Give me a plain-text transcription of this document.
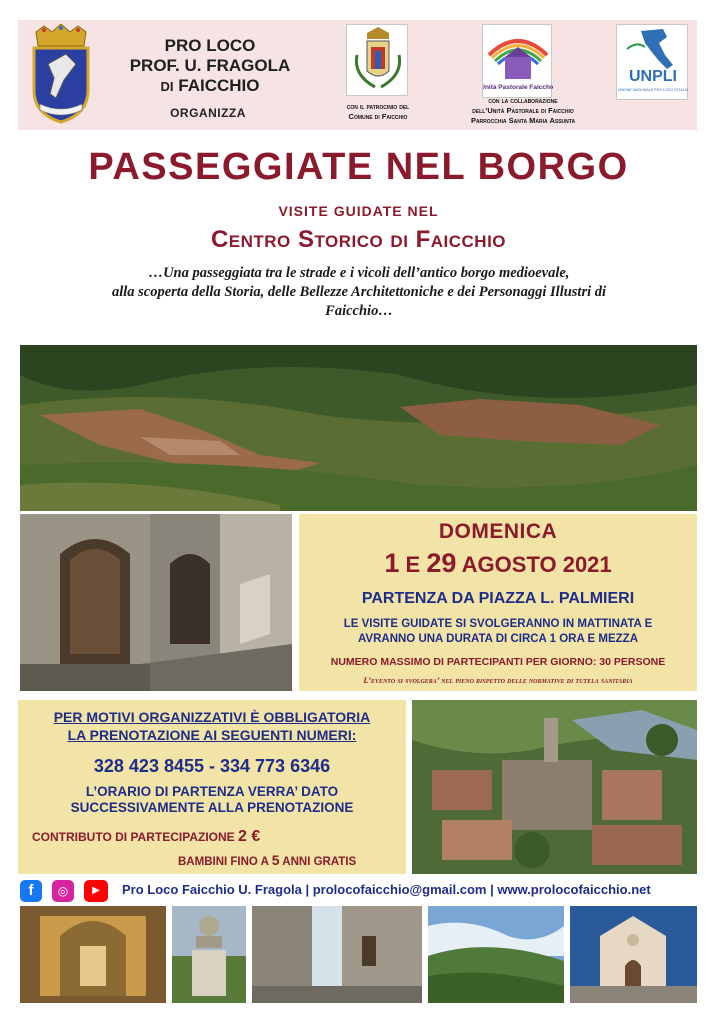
PRO LOCO
PROF. U. FRAGOLA
DI FAICCHIO
ORGANIZZA
Unità Pastorale Faicchio
UNPLI
UNIONE NAZIONALE PRO LOCO D'ITALIA
con il patrocinio del
Comune di Faicchio
con la collaborazione
dell’Unità Pastorale di Faicchio
Parrocchia Santa Maria Assunta
PASSEGGIATE NEL BORGO
VISITE GUIDATE NEL
Centro Storico di Faicchio
…Una passeggiata tra le strade e i vicoli dell’antico borgo medioevale,
alla scoperta della Storia, delle Bellezze Architettoniche e dei Personaggi Illustri di
Faicchio…
DOMENICA
1 E 29 AGOSTO 2021
PARTENZA DA PIAZZA L. PALMIERI
LE VISITE GUIDATE SI SVOLGERANNO IN MATTINATA E
AVRANNO UNA DURATA DI CIRCA 1 ORA E MEZZA
NUMERO MASSIMO DI PARTECIPANTI PER GIORNO: 30 PERSONE
L’evento si svolgera’ nel pieno rispetto delle normative di tutela sanitaria
PER MOTIVI ORGANIZZATIVI È OBBLIGATORIA
LA PRENOTAZIONE AI SEGUENTI NUMERI:
328 423 8455 - 334 773 6346
L’ORARIO DI PARTENZA VERRA’ DATO
SUCCESSIVAMENTE ALLA PRENOTAZIONE
CONTRIBUTO DI PARTECIPAZIONE 2 €
BAMBINI FINO A 5 ANNI GRATIS
f	◎	▶	Pro Loco Faicchio U. Fragola | prolocofaicchio@gmail.com | www.prolocofaicchio.net
